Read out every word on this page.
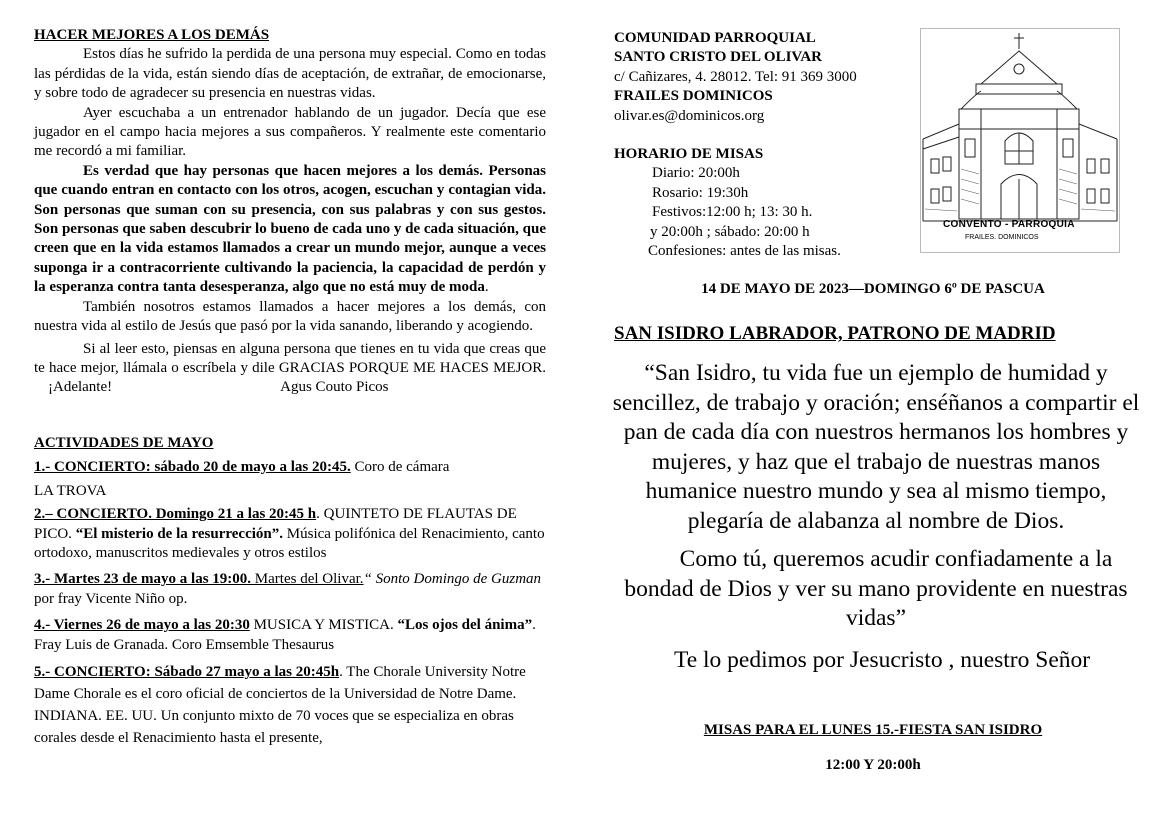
HACER MEJORES A LOS DEMÁS

Estos días he sufrido la perdida de una persona muy especial. Como en todas las pérdidas de la vida, están siendo días de aceptación, de extrañar, de emocionarse, y sobre todo de agradecer su presencia en nuestras vidas.

Ayer escuchaba a un entrenador hablando de un jugador. Decía que ese jugador en el campo hacia mejores a sus compañeros. Y realmente este comentario me recordó a mi familiar.

Es verdad que hay personas que hacen mejores a los demás. Personas que cuando entran en contacto con los otros, acogen, escuchan y contagian vida. Son personas que suman con su presencia, con sus palabras y con sus gestos. Son personas que saben descubrir lo bueno de cada uno y de cada situación, que creen que en la vida estamos llamados a crear un mundo mejor, aunque a veces suponga ir a contracorriente cultivando la paciencia, la capacidad de perdón y la esperanza contra tanta desesperanza, algo que no está muy de moda.

También nosotros estamos llamados a hacer mejores a los demás, con nuestra vida al estilo de Jesús que pasó por la vida sanando, liberando y acogiendo.

Si al leer esto, piensas en alguna persona que tienes en tu vida que creas que te hace mejor, llámala o escríbela y dile GRACIAS PORQUE ME HACES MEJOR.¡Adelante!	Agus Couto Picos

ACTIVIDADES DE MAYO

1.- CONCIERTO: sábado 20 de mayo a las 20:45. Coro de cámara

LA TROVA

2.– CONCIERTO. Domingo 21 a las 20:45 h. QUINTETO DE FLAUTAS DE PICO. “El misterio de la resurrección”. Música polifónica del Renacimiento, canto ortodoxo, manuscritos medievales y otros estilos

3.- Martes 23 de mayo a las 19:00. Martes del Olivar.“ Sonto Domingo de Guzman por fray Vicente Niño op.

4.- Viernes 26 de mayo a las 20:30 MUSICA Y MISTICA. “Los ojos del ánima”. Fray Luis de Granada. Coro Emsemble Thesaurus

5.- CONCIERTO: Sábado 27 mayo a las 20:45h. The Chorale University Notre Dame Chorale es el coro oficial de conciertos de la Universidad de Notre Dame. INDIANA. EE. UU. Un conjunto mixto de 70 voces que se especializa en obras corales desde el Renacimiento hasta el presente,

COMUNIDAD PARROQUIAL
SANTO CRISTO DEL OLIVAR
c/ Cañizares, 4. 28012. Tel: 91 369 3000
FRAILES DOMINICOS
olivar.es@dominicos.org
HORARIO DE MISAS
Diario: 20:00h
Rosario: 19:30h
Festivos:12:00 h; 13: 30 h.
y 20:00h ; sábado: 20:00 h
Confesiones: antes de las misas.
CONVENTO - PARROQUIA
FRAILES. DOMINICOS
14 DE MAYO DE 2023—DOMINGO 6º DE PASCUA
SAN ISIDRO LABRADOR, PATRONO DE MADRID
“San Isidro, tu vida fue un ejemplo de humidad y sencillez, de trabajo y oración; enséñanos a compartir el pan de cada día con nuestros hermanos los hombres y mujeres, y haz que el trabajo de nuestras manos humanice nuestro mundo y sea al mismo tiempo, plegaría de alabanza al nombre de Dios.
Como tú, queremos acudir confiadamente a la bondad de Dios y ver su mano providente en nuestras vidas”
Te lo pedimos por Jesucristo , nuestro Señor
MISAS PARA EL LUNES 15.-FIESTA SAN ISIDRO
12:00 Y 20:00h
